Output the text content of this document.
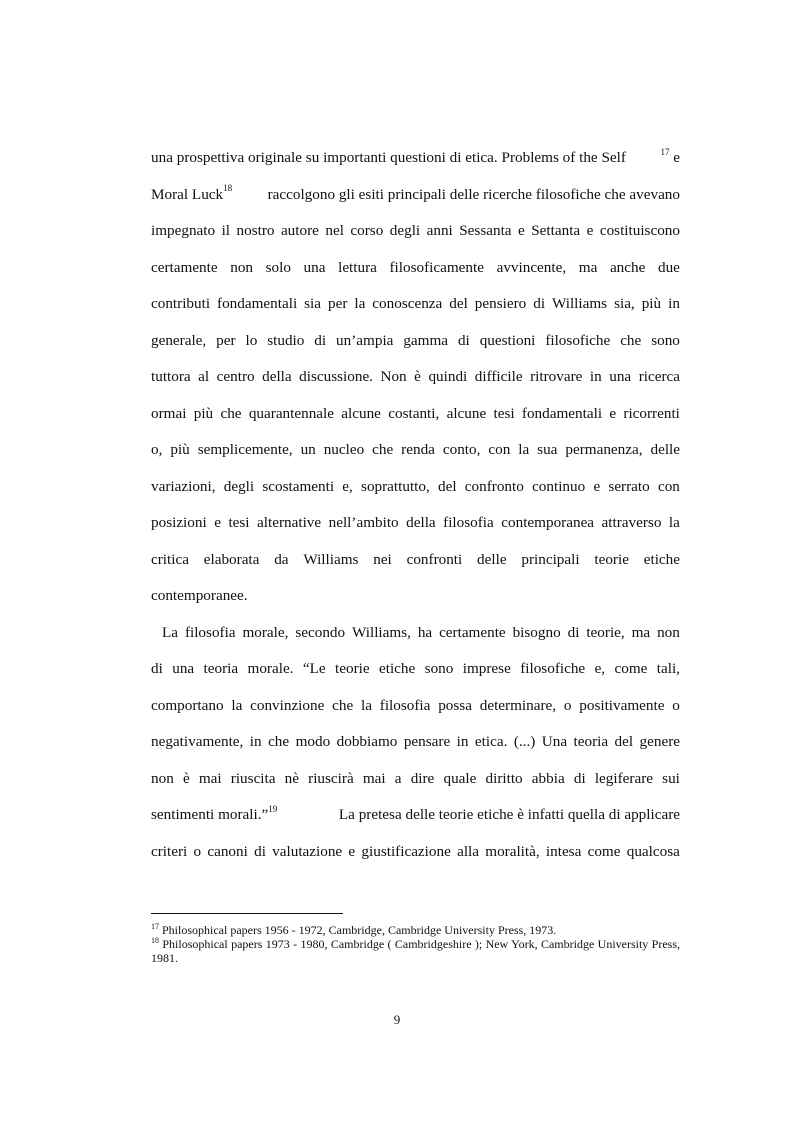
una prospettiva originale su importanti questioni di etica. Problems of the Self	$^{17}$ e
Moral Luck$^{18}$ raccolgono gli esiti principali delle ricerche filosofiche che avevano
impegnato il nostro autore nel corso degli anni Sessanta e Settanta e costituiscono
certamente non solo una lettura filosoficamente avvincente, ma anche due
contributi fondamentali sia per la conoscenza del pensiero di Williams sia, più in
generale, per lo studio di un’ampia gamma di questioni filosofiche che sono
tuttora al centro della discussione. Non è quindi difficile ritrovare in una ricerca
ormai più che quarantennale alcune costanti, alcune tesi fondamentali e ricorrenti
o, più semplicemente, un nucleo che renda conto, con la sua permanenza, delle
variazioni, degli scostamenti e, soprattutto, del confronto continuo e serrato con
posizioni e tesi alternative nell’ambito della filosofia contemporanea attraverso la
critica elaborata da Williams nei confronti delle principali teorie etiche
contemporanee.
La filosofia morale, secondo Williams, ha certamente bisogno di teorie, ma non
di una teoria morale. “Le teorie etiche sono imprese filosofiche e, come tali,
comportano la convinzione che la filosofia possa determinare, o positivamente o
negativamente, in che modo dobbiamo pensare in etica. (...) Una teoria del genere
non è mai riuscita nè riuscirà mai a dire quale diritto abbia di legiferare sui
sentimenti morali.”$^{19}$	La pretesa delle teorie etiche è infatti quella di applicare
criteri o canoni di valutazione e giustificazione alla moralità, intesa come qualcosa
$^{17}$ Philosophical papers 1956 - 1972, Cambridge, Cambridge University Press, 1973.
$^{18}$ Philosophical papers 1973 - 1980, Cambridge ( Cambridgeshire ); New York, Cambridge University Press, 1981.
9
